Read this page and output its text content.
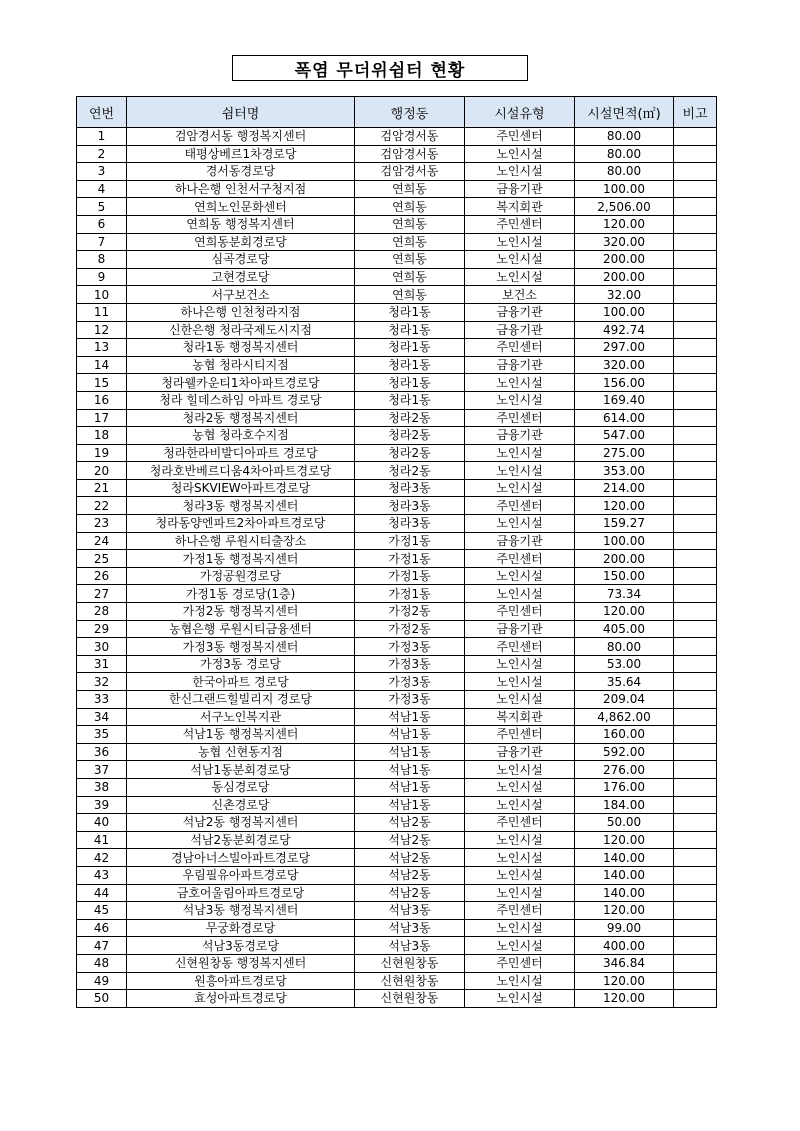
폭염 무더위쉼터 현황
연번	쉼터명	행정동	시설유형	시설면적(㎡)	비고
1	검암경서동 행정복지센터	검암경서동	주민센터	80.00	
2	태평상베르1차경로당	검암경서동	노인시설	80.00	
3	경서동경로당	검암경서동	노인시설	80.00	
4	하나은행 인천서구청지점	연희동	금융기관	100.00	
5	연희노인문화센터	연희동	복지회관	2,506.00	
6	연희동 행정복지센터	연희동	주민센터	120.00	
7	연희동분회경로당	연희동	노인시설	320.00	
8	심곡경로당	연희동	노인시설	200.00	
9	고현경로당	연희동	노인시설	200.00	
10	서구보건소	연희동	보건소	32.00	
11	하나은행 인천청라지점	청라1동	금융기관	100.00	
12	신한은행 청라국제도시지점	청라1동	금융기관	492.74	
13	청라1동 행정복지센터	청라1동	주민센터	297.00	
14	농협 청라시티지점	청라1동	금융기관	320.00	
15	청라웰카운티1차아파트경로당	청라1동	노인시설	156.00	
16	청라 힐데스하임 아파트 경로당	청라1동	노인시설	169.40	
17	청라2동 행정복지센터	청라2동	주민센터	614.00	
18	농협 청라호수지점	청라2동	금융기관	547.00	
19	청라한라비발디아파트 경로당	청라2동	노인시설	275.00	
20	청라호반베르디움4차아파트경로당	청라2동	노인시설	353.00	
21	청라SKVIEW아파트경로당	청라3동	노인시설	214.00	
22	청라3동 행정복지센터	청라3동	주민센터	120.00	
23	청라동양엔파트2차아파트경로당	청라3동	노인시설	159.27	
24	하나은행 루원시티출장소	가정1동	금융기관	100.00	
25	가정1동 행정복지센터	가정1동	주민센터	200.00	
26	가정공원경로당	가정1동	노인시설	150.00	
27	가정1동 경로당(1층)	가정1동	노인시설	73.34	
28	가정2동 행정복지센터	가정2동	주민센터	120.00	
29	농협은행 루원시티금융센터	가정2동	금융기관	405.00	
30	가정3동 행정복지센터	가정3동	주민센터	80.00	
31	가정3동 경로당	가정3동	노인시설	53.00	
32	한국아파트 경로당	가정3동	노인시설	35.64	
33	한신그랜드힐빌리지 경로당	가정3동	노인시설	209.04	
34	서구노인복지관	석남1동	복지회관	4,862.00	
35	석남1동 행정복지센터	석남1동	주민센터	160.00	
36	농협 신현동지점	석남1동	금융기관	592.00	
37	석남1동분회경로당	석남1동	노인시설	276.00	
38	동심경로당	석남1동	노인시설	176.00	
39	신촌경로당	석남1동	노인시설	184.00	
40	석남2동 행정복지센터	석남2동	주민센터	50.00	
41	석남2동분회경로당	석남2동	노인시설	120.00	
42	경남아너스빌아파트경로당	석남2동	노인시설	140.00	
43	우림필유아파트경로당	석남2동	노인시설	140.00	
44	금호어울림아파트경로당	석남2동	노인시설	140.00	
45	석남3동 행정복지센터	석남3동	주민센터	120.00	
46	무궁화경로당	석남3동	노인시설	99.00	
47	석남3동경로당	석남3동	노인시설	400.00	
48	신현원창동 행정복지센터	신현원창동	주민센터	346.84	
49	원흥아파트경로당	신현원창동	노인시설	120.00	
50	효성아파트경로당	신현원창동	노인시설	120.00	
